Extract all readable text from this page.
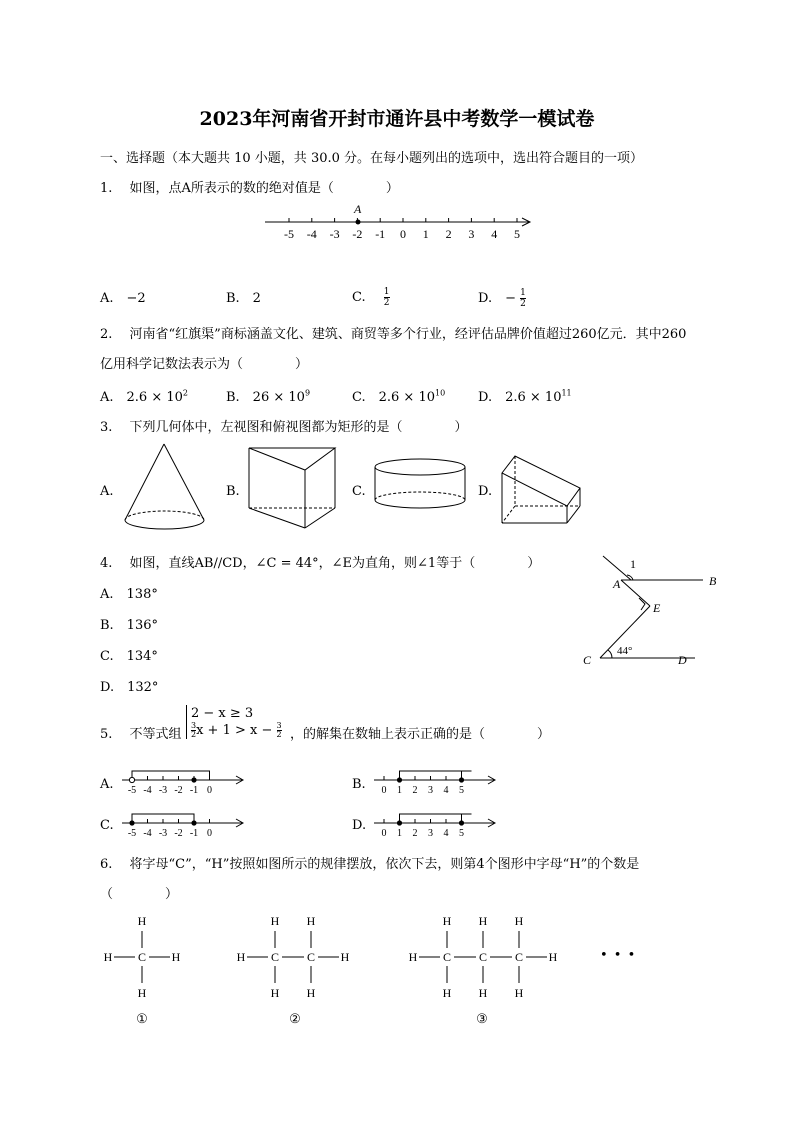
2023年河南省开封市通许县中考数学一模试卷
一、选择题（本大题共 10 小题，共 30.0 分。在每小题列出的选项中，选出符合题目的一项）
1.　 如图，点A所表示的数的绝对值是（　　　　）
-5 -4 -3 -2 -1 0 1 2 3 4 5
A
A.　−2	B.　2	C. $\frac{1}{2}$	D.　− $\frac{1}{2}$
2.　 河南省“红旗渠”商标涵盖文化、建筑、商贸等多个行业，经评估品牌价值超过260亿元．其中260
亿用科学记数法表示为（　　　　）
A.　$2.6 \times 10^2$	B.　$26 \times 10^9$	C.　$2.6 \times 10^{10}$	D.　$2.6 \times 10^{11}$
3.　 下列几何体中，左视图和俯视图都为矩形的是（　　　　）
A.	B.	C.	D.
4.　 如图，直线AB//CD，∠C = 44°，∠E为直角，则∠1等于（　　　　）
A.　138°
B.　136°
C.　134°
D.　132°
1
A	B
E
C	D
44°
5.　 不等式组
2 − x ≥ 3
$\frac{3}{2}$ $x + 1 > x - \frac{3}{2}$ ，的解集在数轴上表示正确的是（　　　　）
A.	B.
C.	D.
-5 -4 -3 -2 -1 0	0 1 2 3 4 5
-5 -4 -3 -2 -1 0	0 1 2 3 4 5
6.　 将字母“C”，“H”按照如图所示的规律摆放，依次下去，则第4个图形中字母“H”的个数是
（　　　　）
H C
H
H
H	H C
H
H
C
H
H
H	H C
H
H
C
H
H
C
H
H
H
①	②	③
• • •
